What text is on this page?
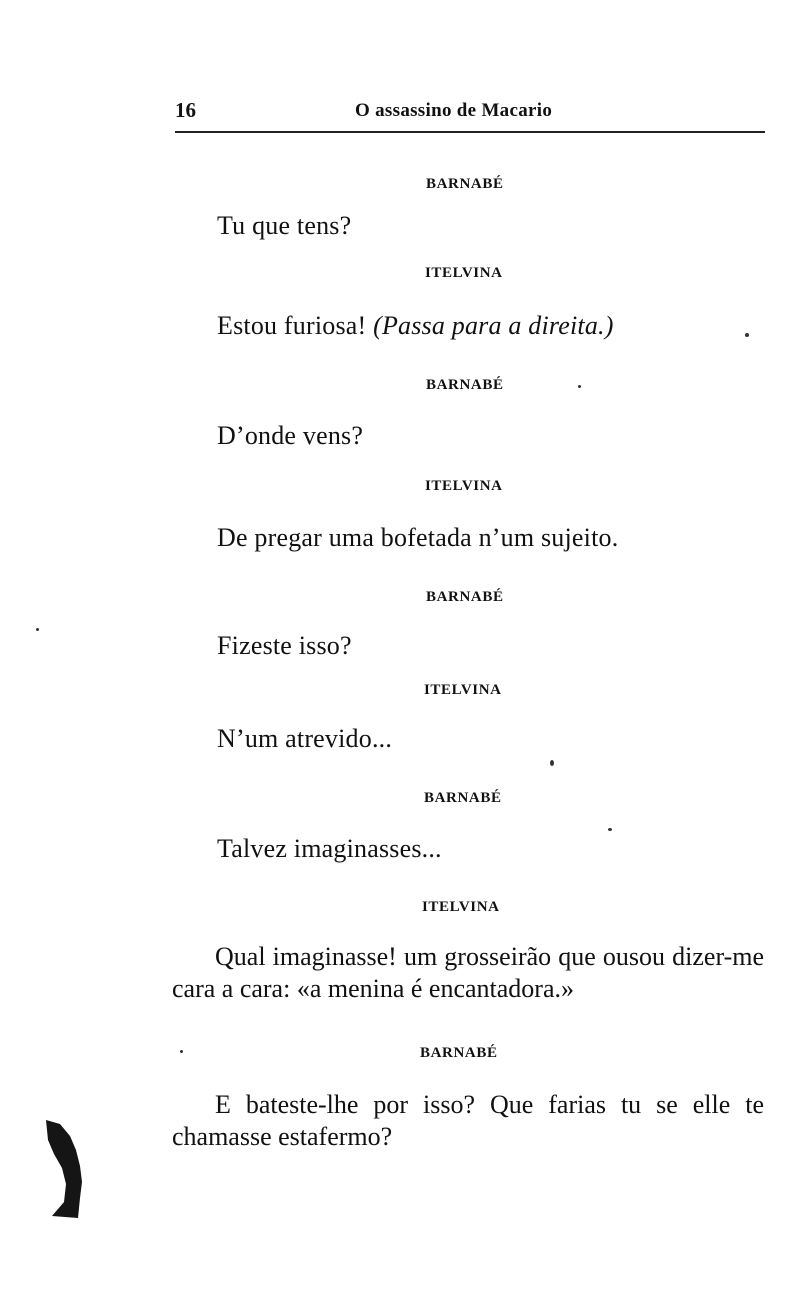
16	O assassino de Macario
BARNABÉ
Tu que tens?
ITELVINA
Estou furiosa! (Passa para a direita.)
BARNABÉ
D’onde vens?
ITELVINA
De pregar uma bofetada n’um sujeito.
BARNABÉ
Fizeste isso?
ITELVINA
N’um atrevido...
BARNABÉ
Talvez imaginasses...
ITELVINA
Qual imaginasse! um grosseirão que ousou dizer-me cara a cara: «a menina é encantadora.»
BARNABÉ
E bateste-lhe por isso? Que farias tu se elle te chamasse estafermo?
